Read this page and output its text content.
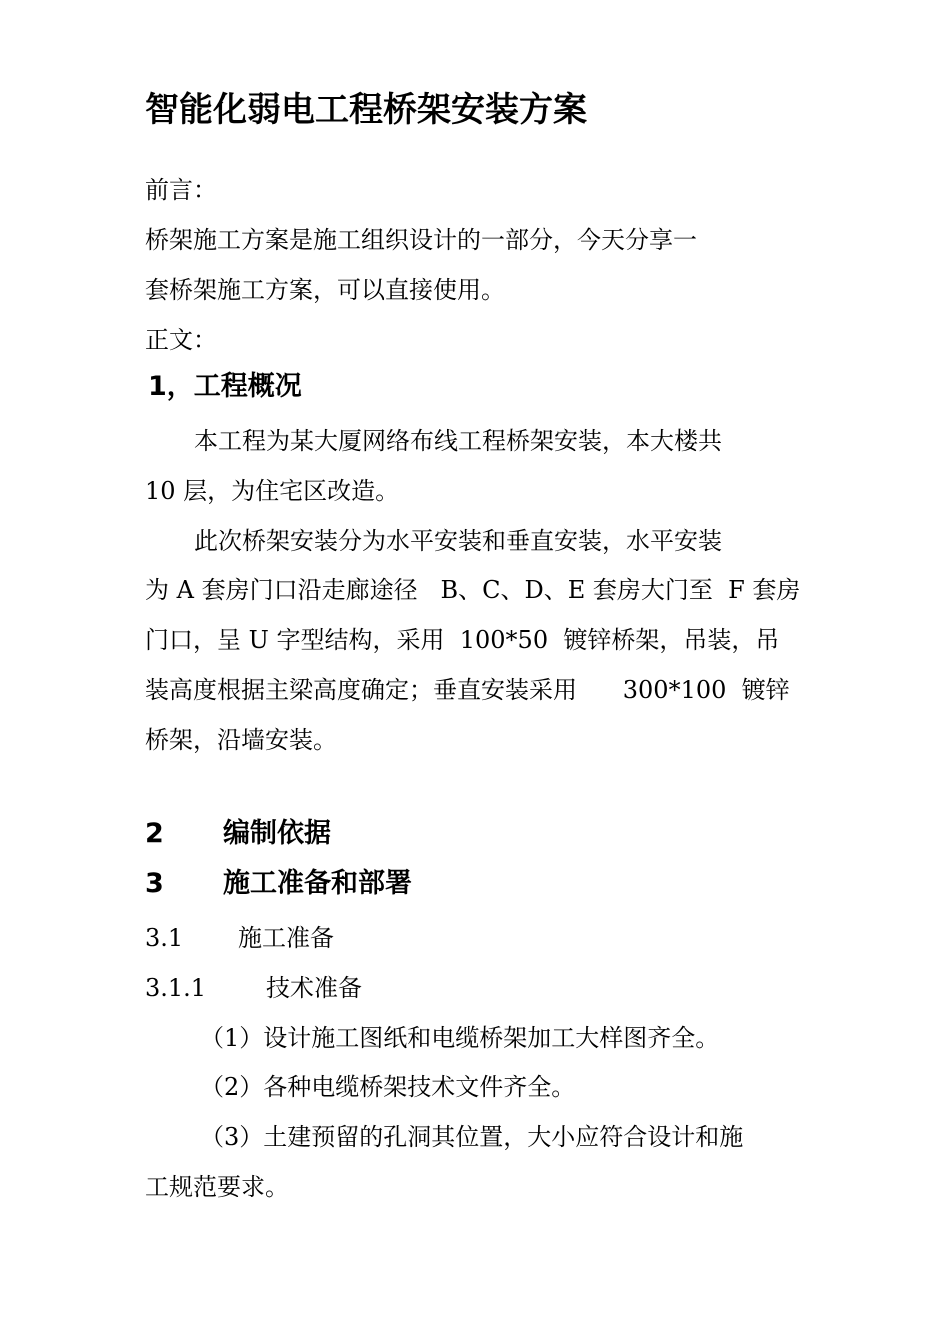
智能化弱电工程桥架安装方案
前言：
桥架施工方案是施工组织设计的一部分，今天分享一
套桥架施工方案，可以直接使用。
正文：
1，工程概况
本工程为某大厦网络布线工程桥架安装，本大楼共
10 层，为住宅区改造。
此次桥架安装分为水平安装和垂直安装，水平安装
为 A 套房门口沿走廊途径   B、C、D、E 套房大门至  F 套房
门口，呈 U 字型结构，采用  100*50  镀锌桥架，吊装，吊
装高度根据主梁高度确定；垂直安装采用      300*100  镀锌
桥架，沿墙安装。
2 编制依据
3 施工准备和部署
3.1 施工准备
3.1.1 技术准备
（1）设计施工图纸和电缆桥架加工大样图齐全。
（2）各种电缆桥架技术文件齐全。
（3）土建预留的孔洞其位置，大小应符合设计和施
工规范要求。
